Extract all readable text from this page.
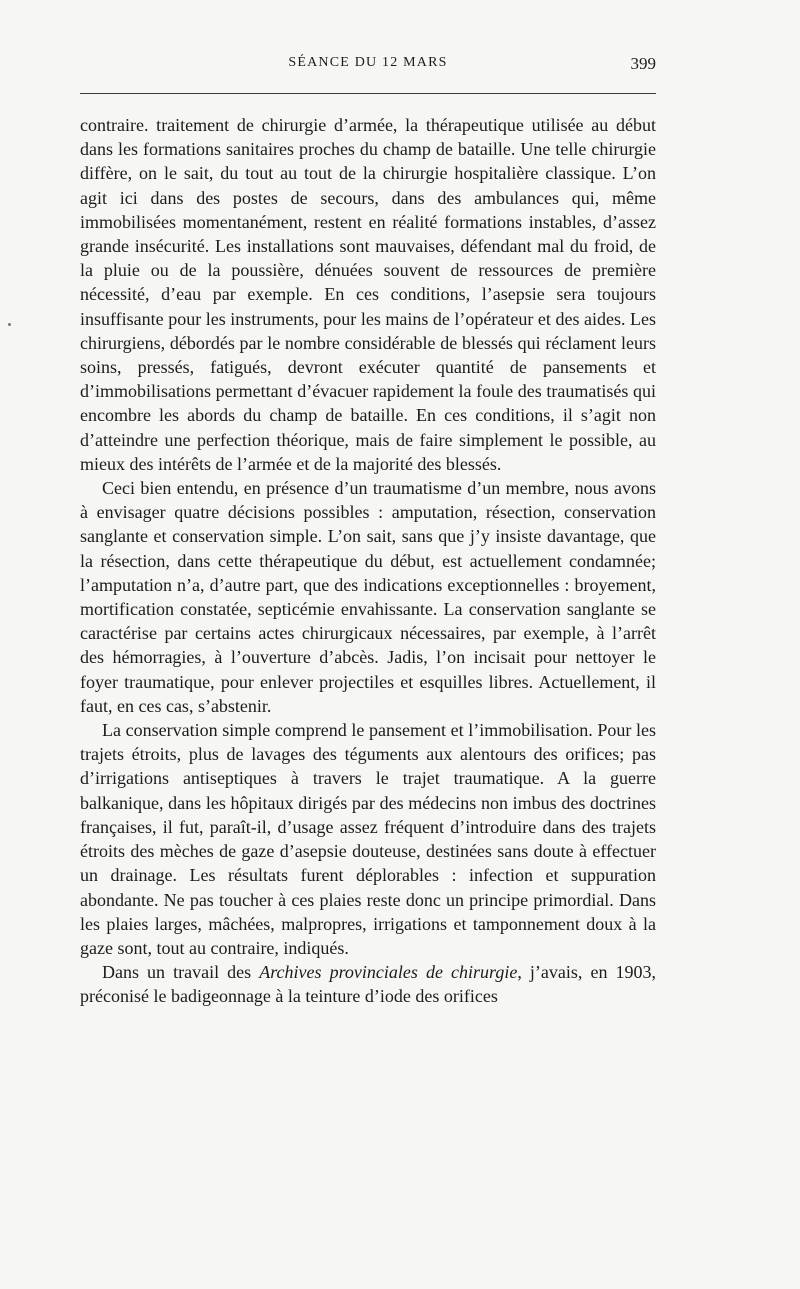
SÉANCE DU 12 MARS	399

contraire. traitement de chirurgie d’armée, la thérapeutique utilisée au début dans les formations sanitaires proches du champ de bataille. Une telle chirurgie diffère, on le sait, du tout au tout de la chirurgie hospitalière classique. L’on agit ici dans des postes de secours, dans des ambulances qui, même immobilisées momentanément, restent en réalité formations instables, d’assez grande insécurité. Les installations sont mauvaises, défendant mal du froid, de la pluie ou de la poussière, dénuées souvent de ressources de première nécessité, d’eau par exemple. En ces conditions, l’asepsie sera toujours insuffisante pour les instruments, pour les mains de l’opérateur et des aides. Les chirurgiens, débordés par le nombre considérable de blessés qui réclament leurs soins, pressés, fatigués, devront exécuter quantité de pansements et d’immobilisations permettant d’évacuer rapidement la foule des traumatisés qui encombre les abords du champ de bataille. En ces conditions, il s’agit non d’atteindre une perfection théorique, mais de faire simplement le possible, au mieux des intérêts de l’armée et de la majorité des blessés.

Ceci bien entendu, en présence d’un traumatisme d’un membre, nous avons à envisager quatre décisions possibles : amputation, résection, conservation sanglante et conservation simple. L’on sait, sans que j’y insiste davantage, que la résection, dans cette thérapeutique du début, est actuellement condamnée; l’amputation n’a, d’autre part, que des indications exceptionnelles : broyement, mortification constatée, septicémie envahissante. La conservation sanglante se caractérise par certains actes chirurgicaux nécessaires, par exemple, à l’arrêt des hémorragies, à l’ouverture d’abcès. Jadis, l’on incisait pour nettoyer le foyer traumatique, pour enlever projectiles et esquilles libres. Actuellement, il faut, en ces cas, s’abstenir.

La conservation simple comprend le pansement et l’immobilisation. Pour les trajets étroits, plus de lavages des téguments aux alentours des orifices; pas d’irrigations antiseptiques à travers le trajet traumatique. A la guerre balkanique, dans les hôpitaux dirigés par des médecins non imbus des doctrines françaises, il fut, paraît-il, d’usage assez fréquent d’introduire dans des trajets étroits des mèches de gaze d’asepsie douteuse, destinées sans doute à effectuer un drainage. Les résultats furent déplorables : infection et suppuration abondante. Ne pas toucher à ces plaies reste donc un principe primordial. Dans les plaies larges, mâchées, malpropres, irrigations et tamponnement doux à la gaze sont, tout au contraire, indiqués.

Dans un travail des Archives provinciales de chirurgie, j’avais, en 1903, préconisé le badigeonnage à la teinture d’iode des orifices
